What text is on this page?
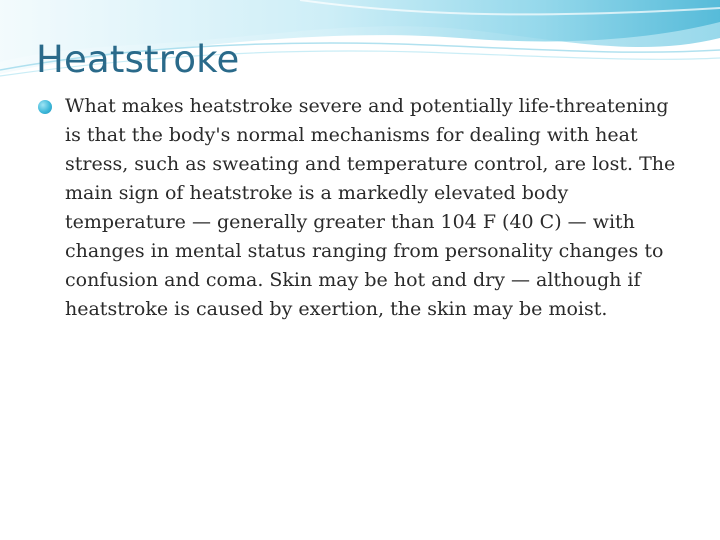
Heatstroke
What makes heatstroke severe and potentially life-threatening is that the body's normal mechanisms for dealing with heat stress, such as sweating and temperature control, are lost. The main sign of heatstroke is a markedly elevated body temperature — generally greater than 104 F (40 C) — with changes in mental status ranging from personality changes to confusion and coma. Skin may be hot and dry — although if heatstroke is caused by exertion, the skin may be moist.
